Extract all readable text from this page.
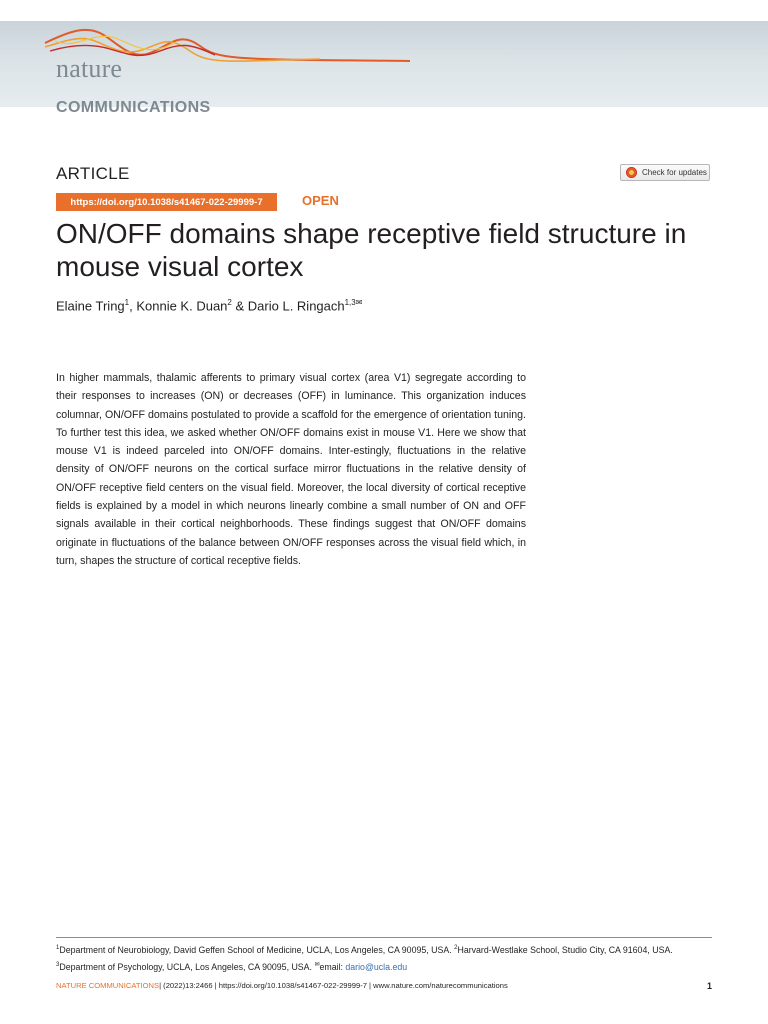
nature
COMMUNICATIONS
ARTICLE	Check for updates
https://doi.org/10.1038/s41467-022-29999-7	OPEN
ON/OFF domains shape receptive field structure in mouse visual cortex
Elaine Tring$^1$, Konnie K. Duan$^2$ & Dario L. Ringach$^{1,3✉}$

In higher mammals, thalamic afferents to primary visual cortex (area V1) segregate according to their responses to increases (ON) or decreases (OFF) in luminance. This organization induces columnar, ON/OFF domains postulated to provide a scaffold for the emergence of orientation tuning. To further test this idea, we asked whether ON/OFF domains exist in mouse V1. Here we show that mouse V1 is indeed parceled into ON/OFF domains. Inter-estingly, fluctuations in the relative density of ON/OFF neurons on the cortical surface mirror fluctuations in the relative density of ON/OFF receptive field centers on the visual field. Moreover, the local diversity of cortical receptive fields is explained by a model in which neurons linearly combine a small number of ON and OFF signals available in their cortical neighborhoods. These findings suggest that ON/OFF domains originate in fluctuations of the balance between ON/OFF responses across the visual field which, in turn, shapes the structure of cortical receptive fields.

$^1$Department of Neurobiology, David Geffen School of Medicine, UCLA, Los Angeles, CA 90095, USA. $^2$Harvard-Westlake School, Studio City, CA 91604, USA. $^3$Department of Psychology, UCLA, Los Angeles, CA 90095, USA. ✉email: dario@ucla.edu

NATURE COMMUNICATIONS| (2022)13:2466 | https://doi.org/10.1038/s41467-022-29999-7 | www.nature.com/naturecommunications	1
